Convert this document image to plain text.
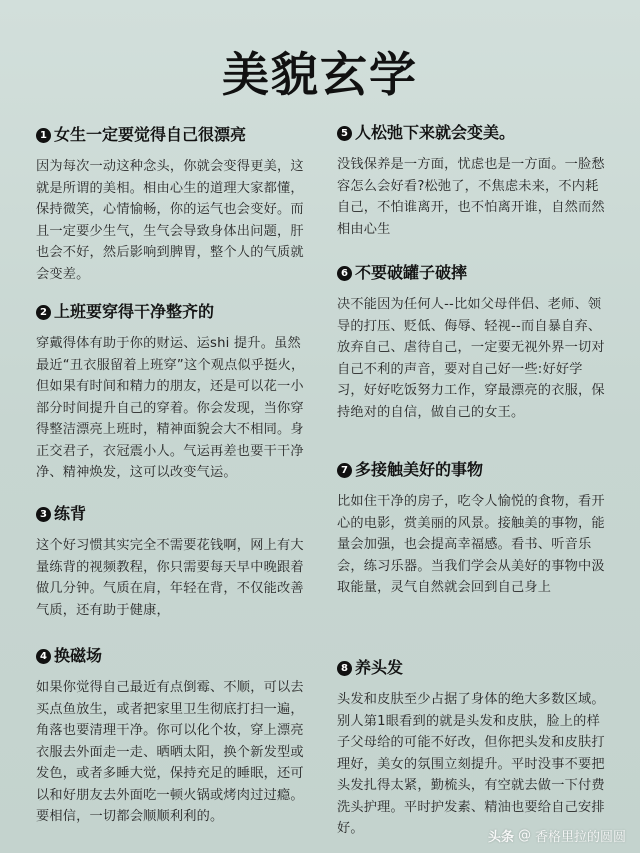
美貌玄学
1 女生一定要觉得自己很漂亮
因为每次一动这种念头，你就会变得更美，这就是所谓的美相。相由心生的道理大家都懂，保持微笑，心情愉畅，你的运气也会变好。而且一定要少生气，生气会导致身体出问题，肝也会不好，然后影响到脾胃，整个人的气质就会变差。
2 上班要穿得干净整齐的
穿戴得体有助于你的财运、运shi 提升。虽然最近“丑衣服留着上班穿”这个观点似乎挺火，但如果有时间和精力的朋友，还是可以花一小部分时间提升自己的穿着。你会发现，当你穿得整洁漂亮上班时，精神面貌会大不相同。身正交君子，衣冠震小人。气运再差也要干干净净、精神焕发，这可以改变气运。
3 练背
这个好习惯其实完全不需要花钱啊，网上有大量练背的视频教程，你只需要每天早中晚跟着做几分钟。气质在肩，年轻在背，不仅能改善气质，还有助于健康，
4 换磁场
如果你觉得自己最近有点倒霉、不顺，可以去买点鱼放生，或者把家里卫生彻底打扫一遍，角落也要清理干净。你可以化个妆，穿上漂亮衣服去外面走一走、晒晒太阳，换个新发型或发色，或者多睡大觉，保持充足的睡眠，还可以和好朋友去外面吃一顿火锅或烤肉过过瘾。要相信，一切都会顺顺利利的。
5 人松弛下来就会变美。
没钱保养是一方面，忧虑也是一方面。一脸愁容怎么会好看?松弛了，不焦虑未来，不内耗自己，不怕谁离开，也不怕离开谁，自然而然相由心生
6 不要破罐子破摔
决不能因为任何人--比如父母伴侣、老师、领导的打压、贬低、侮辱、轻视--而自暴自弃、放弃自己、虐待自己，一定要无视外界一切对自己不利的声音，要对自己好一些:好好学习，好好吃饭努力工作，穿最漂亮的衣服，保持绝对的自信，做自己的女王。
7 多接触美好的事物
比如住干净的房子，吃令人愉悦的食物，看开心的电影，赏美丽的风景。接触美的事物，能量会加强，也会提高幸福感。看书、听音乐会，练习乐器。当我们学会从美好的事物中汲取能量，灵气自然就会回到自己身上
8 养头发
头发和皮肤至少占据了身体的绝大多数区域。别人第1眼看到的就是头发和皮肤，脸上的样子父母给的可能不好改，但你把头发和皮肤打理好，美女的氛围立刻提升。平时没事不要把头发扎得太紧，勤梳头，有空就去做一下付费洗头护理。平时护发素、精油也要给自己安排好。
头条 @ 香格里拉的圆圆
